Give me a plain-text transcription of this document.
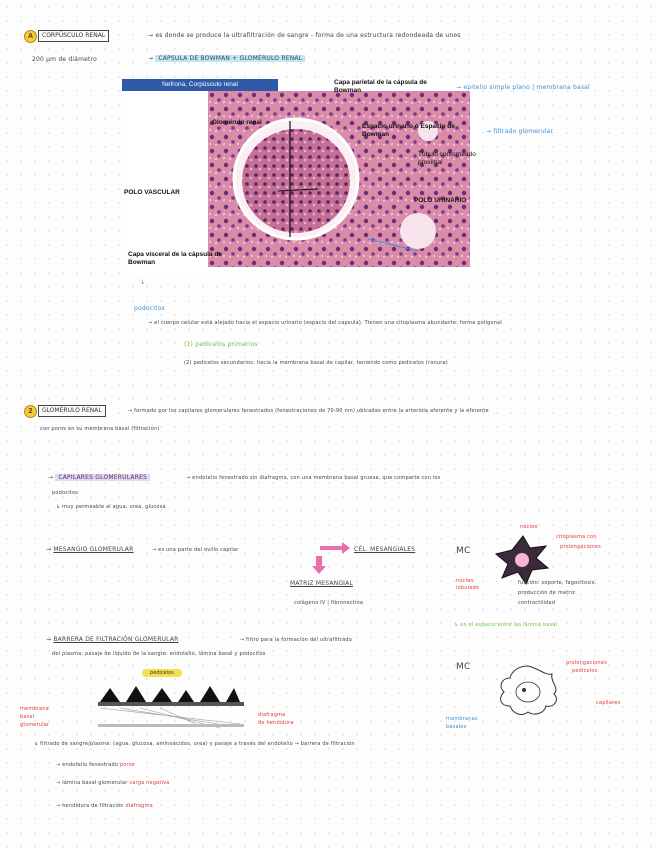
A	CORPÚSCULO RENAL	→ es donde se produce la ultrafiltración de sangre - forma de una estructura redondeada de unos
200 µm de diámetro	→ CÁPSULA DE BOWMAN + GLOMÉRULO RENAL
Nefrona, Corpúsculo renal	Capa parietal de la cápsula de Bowman
Glomérulo renal
Espacio urinario ó Espacio de Bowman
Túbulo contorneado proximal
POLO VASCULAR
POLO URINARIO
Capa visceral de la cápsula de Bowman
→ epitelio simple plano | membrana basal
→ filtrado glomerular
↓
podocitos
→ el cuerpo celular está alejado hacia el espacio urinario (espacio del capsula). Tienen una citoplasma abundante: forma poligonal
(1) pedicelos primarios
(2) pedicelos secundarios: hacia la membrana basal de capilar, teniendo como pedicelos (ranura)
2	GLOMÉRULO RENAL	→ formado por los capilares glomerulares fenestrados (fenestraciones de 70-90 nm) ubicadas entre la arteriola aferente y la eferente
con poros en su membrana basal (filtración)
→ CAPILARES GLOMERULARES	→ endotelio fenestrado sin diafragma, con una membrana basal gruesa, que comparte con los
podocitos
↳ muy permeable al agua, urea, glucosa
→ MESANGIO GLOMERULAR	→ es una parte del ovillo capilar	CÉL. MESANGIALES
MATRIZ MESANGIAL
colágeno IV | fibronectina
MC
núcleo
citoplasma con
prolongaciones
función: soporte, fagocitosis,
producción de matriz
contractilidad
núcleo
lobulado
↳ en el espacio entre las lámina basal
→ BARRERA DE FILTRACIÓN GLOMERULAR	→ filtro para la formación del ultrafiltrado
del plasma: pasaje de líquido de la sangre: endotelio, lámina basal y podocitos
pedicelos
membrana
basal
glomerular
diafragma
de hendidura
MC	prolongaciones
pedicelos
capilares
membranas
basales
↳ filtrado de sangre/plasma: (agua, glucosa, aminoácidos, urea) y pasaje a través del endotelio → barrera de filtración
→ endotelio fenestrado poros
→ lámina basal glomerular carga negativa
→ hendidura de filtración diafragma
